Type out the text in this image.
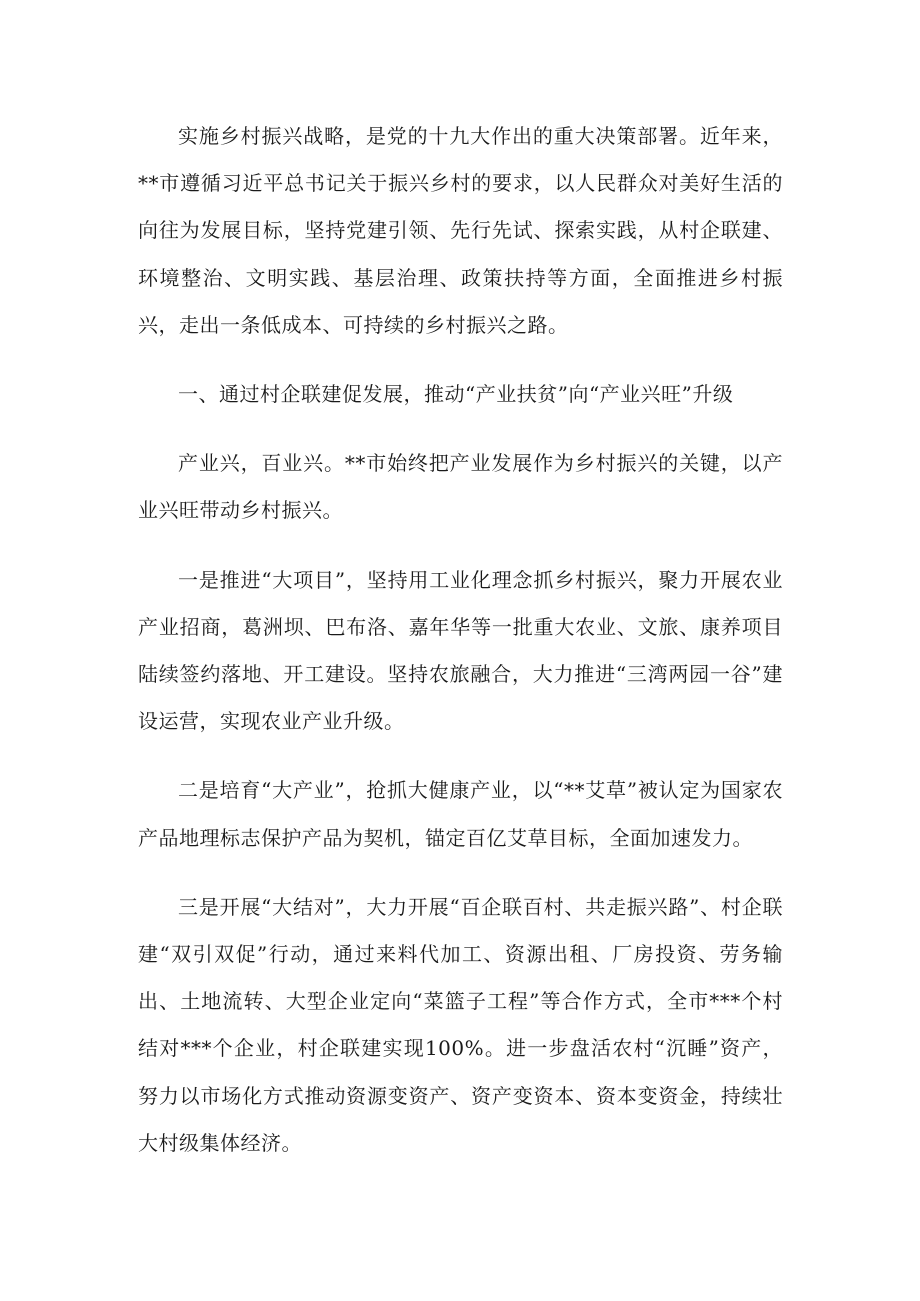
实施乡村振兴战略，是党的十九大作出的重大决策部署。近年来，**市遵循习近平总书记关于振兴乡村的要求，以人民群众对美好生活的向往为发展目标，坚持党建引领、先行先试、探索实践，从村企联建、环境整治、文明实践、基层治理、政策扶持等方面，全面推进乡村振兴，走出一条低成本、可持续的乡村振兴之路。

一、通过村企联建促发展，推动“产业扶贫”向“产业兴旺”升级

产业兴，百业兴。**市始终把产业发展作为乡村振兴的关键，以产业兴旺带动乡村振兴。

一是推进“大项目”，坚持用工业化理念抓乡村振兴，聚力开展农业产业招商，葛洲坝、巴布洛、嘉年华等一批重大农业、文旅、康养项目陆续签约落地、开工建设。坚持农旅融合，大力推进“三湾两园一谷”建设运营，实现农业产业升级。

二是培育“大产业”，抢抓大健康产业，以“**艾草”被认定为国家农产品地理标志保护产品为契机，锚定百亿艾草目标，全面加速发力。

三是开展“大结对”，大力开展“百企联百村、共走振兴路”、村企联建“双引双促”行动，通过来料代加工、资源出租、厂房投资、劳务输出、土地流转、大型企业定向“菜篮子工程”等合作方式，全市***个村结对***个企业，村企联建实现100%。进一步盘活农村“沉睡”资产，努力以市场化方式推动资源变资产、资产变资本、资本变资金，持续壮大村级集体经济。
